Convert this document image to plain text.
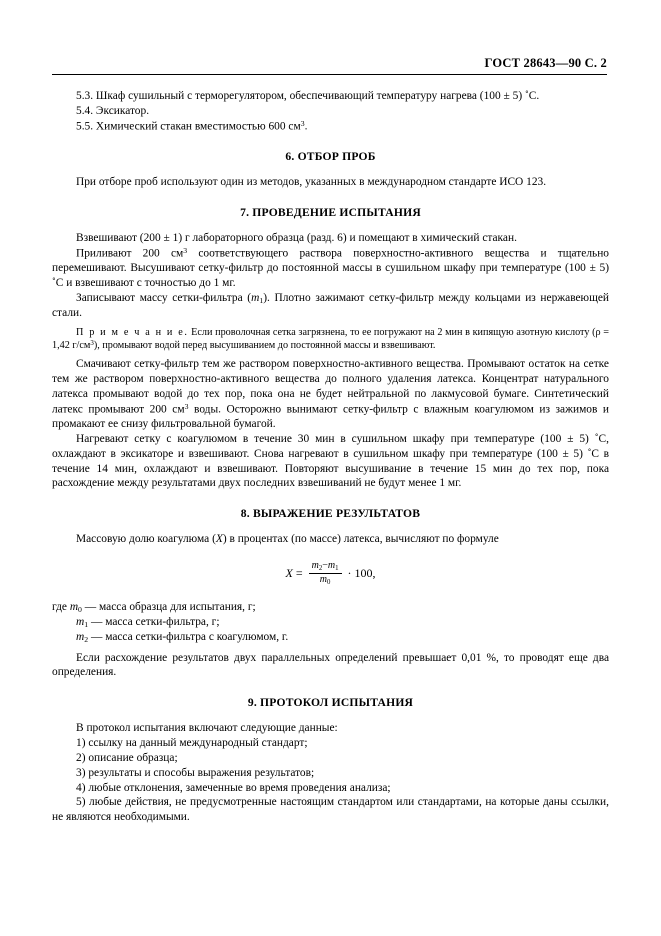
ГОСТ 28643—90 С. 2

5.3. Шкаф сушильный с терморегулятором, обеспечивающий температуру нагрева (100 ± 5) ˚С.

5.4. Эксикатор.

5.5. Химический стакан вместимостью 600 $см^3$.

6. ОТБОР ПРОБ

При отборе проб используют один из методов, указанных в международном стандарте ИСО 123.

7. ПРОВЕДЕНИЕ ИСПЫТАНИЯ

Взвешивают (200 ± 1) г лабораторного образца (разд. 6) и помещают в химический стакан.

Приливают 200 $см^3$ соответствующего раствора поверхностно-активного вещества и тщательно перемешивают. Высушивают сетку-фильтр до постоянной массы в сушильном шкафу при температуре (100 ± 5) ˚С и взвешивают с точностью до 1 мг.

Записывают массу сетки-фильтра $(m_1)$. Плотно зажимают сетку-фильтр между кольцами из нержавеющей стали.

П р и м е ч а н и е. Если проволочная сетка загрязнена, то ее погружают на 2 мин в кипящую азотную кислоту (ρ = 1,42 $г/см^3$), промывают водой перед высушиванием до постоянной массы и взвешивают.

Смачивают сетку-фильтр тем же раствором поверхностно-активного вещества. Промывают остаток на сетке тем же раствором поверхностно-активного вещества до полного удаления латекса. Концентрат натурального латекса промывают водой до тех пор, пока она не будет нейтральной по лакмусовой бумаге. Синтетический латекс промывают 200 $см^3$ воды. Осторожно вынимают сетку-фильтр с влажным коагулюмом из зажимов и промакают ее снизу фильтровальной бумагой.

Нагревают сетку с коагулюмом в течение 30 мин в сушильном шкафу при температуре (100 ± 5) ˚С, охлаждают в эксикаторе и взвешивают. Снова нагревают в сушильном шкафу при температуре (100 ± 5) ˚С в течение 14 мин, охлаждают и взвешивают. Повторяют высушивание в течение 15 мин до тех пор, пока расхождение между результатами двух последних взвешиваний не будут менее 1 мг.

8. ВЫРАЖЕНИЕ РЕЗУЛЬТАТОВ

Массовую долю коагулюма (X) в процентах (по массе) латекса, вычисляют по формуле

$X = \frac{m_2-m_1}{m_0} \cdot 100$,

где $m_0$ — масса образца для испытания, г;

$m_1$ — масса сетки-фильтра, г;

$m_2$ — масса сетки-фильтра с коагулюмом, г.

Если расхождение результатов двух параллельных определений превышает 0,01 %, то проводят еще два определения.

9. ПРОТОКОЛ ИСПЫТАНИЯ

В протокол испытания включают следующие данные:

1) ссылку на данный международный стандарт;

2) описание образца;

3) результаты и способы выражения результатов;

4) любые отклонения, замеченные во время проведения анализа;

5) любые действия, не предусмотренные настоящим стандартом или стандартами, на которые даны ссылки, не являются необходимыми.
